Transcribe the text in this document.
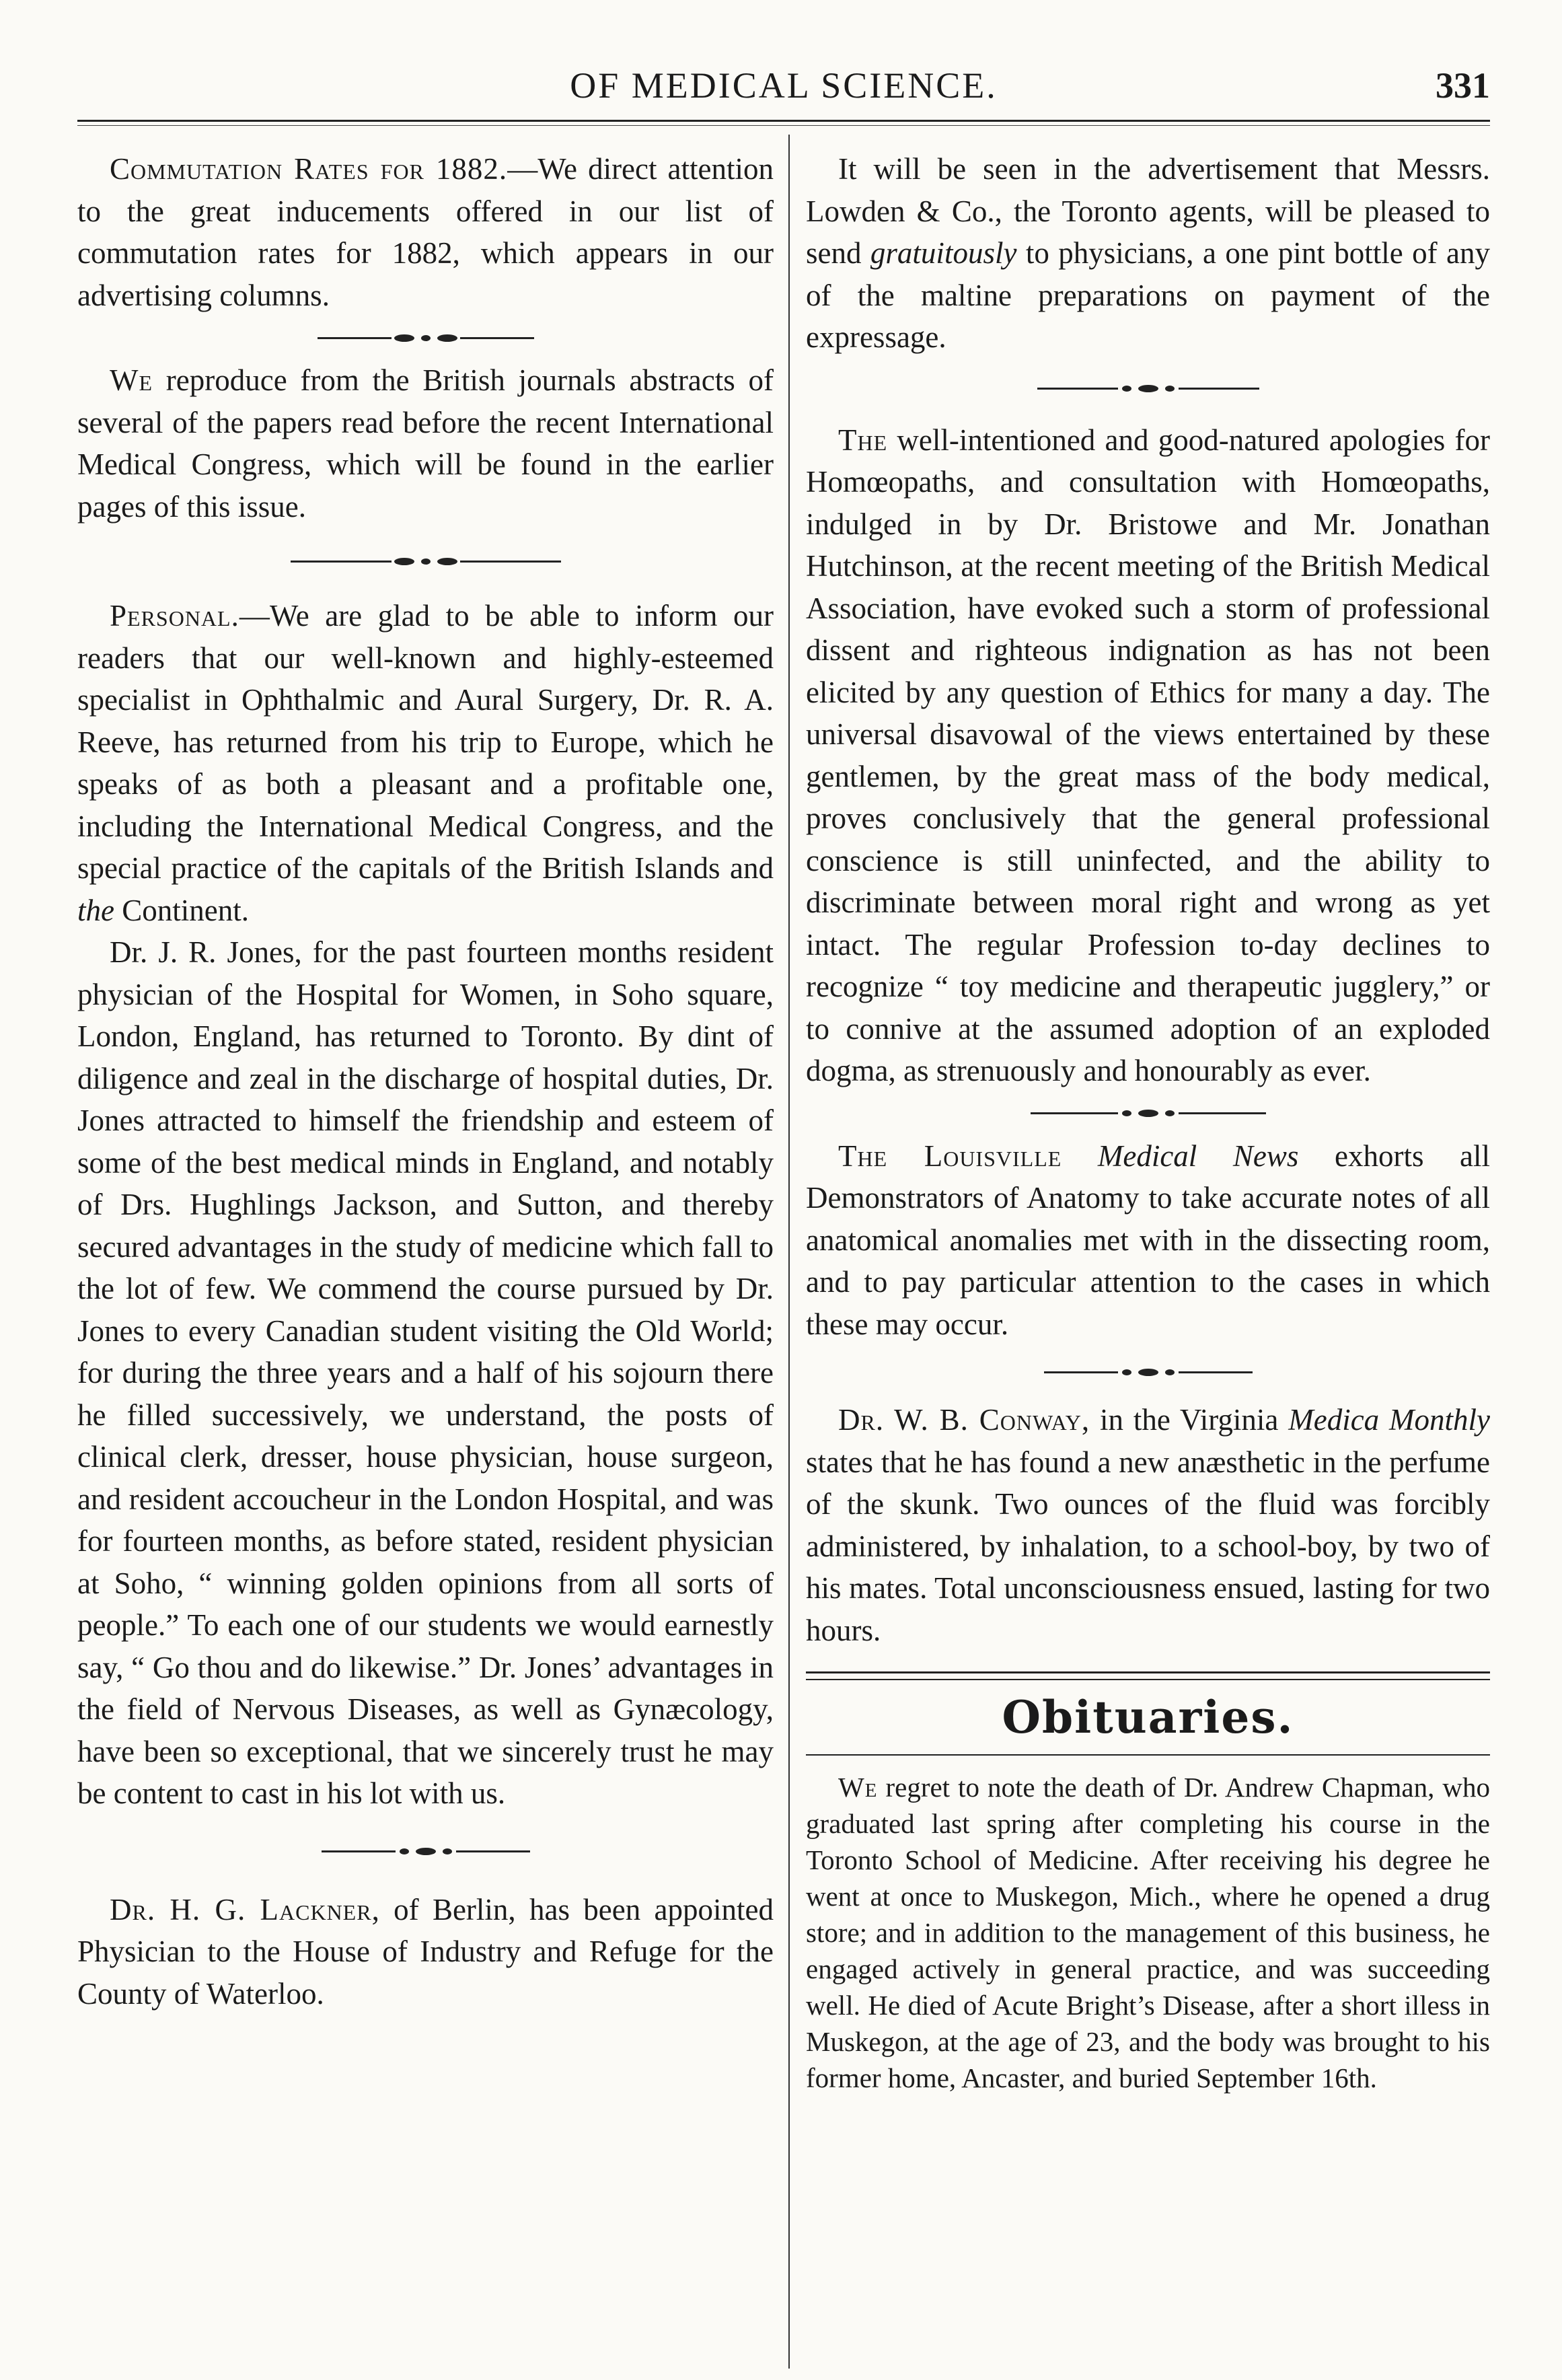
OF MEDICAL SCIENCE.	331

Commutation Rates for 1882.—We direct attention to the great inducements offered in our list of commutation rates for 1882, which appears in our advertising columns.

We reproduce from the British journals abstracts of several of the papers read before the recent International Medical Congress, which will be found in the earlier pages of this issue.

Personal.—We are glad to be able to inform our readers that our well-known and highly-esteemed specialist in Ophthalmic and Aural Surgery, Dr. R. A. Reeve, has returned from his trip to Europe, which he speaks of as both a pleasant and a profitable one, including the International Medical Congress, and the special practice of the capitals of the British Islands and the Continent.

Dr. J. R. Jones, for the past fourteen months resident physician of the Hospital for Women, in Soho square, London, England, has returned to Toronto. By dint of diligence and zeal in the discharge of hospital duties, Dr. Jones attracted to himself the friendship and esteem of some of the best medical minds in England, and notably of Drs. Hughlings Jackson, and Sutton, and thereby secured advantages in the study of medicine which fall to the lot of few. We commend the course pursued by Dr. Jones to every Canadian student visiting the Old World; for during the three years and a half of his sojourn there he filled successively, we understand, the posts of clinical clerk, dresser, house physician, house surgeon, and resident accoucheur in the London Hospital, and was for fourteen months, as before stated, resident physician at Soho, “ winning golden opinions from all sorts of people.” To each one of our students we would earnestly say, “ Go thou and do likewise.” Dr. Jones’ advantages in the field of Nervous Diseases, as well as Gynæcology, have been so exceptional, that we sincerely trust he may be content to cast in his lot with us.

Dr. H. G. Lackner, of Berlin, has been appointed Physician to the House of Industry and Refuge for the County of Waterloo.

It will be seen in the advertisement that Messrs. Lowden & Co., the Toronto agents, will be pleased to send gratuitously to physicians, a one pint bottle of any of the maltine preparations on payment of the expressage.

The well-intentioned and good-natured apologies for Homœopaths, and consultation with Homœopaths, indulged in by Dr. Bristowe and Mr. Jonathan Hutchinson, at the recent meeting of the British Medical Association, have evoked such a storm of professional dissent and righteous indignation as has not been elicited by any question of Ethics for many a day. The universal disavowal of the views entertained by these gentlemen, by the great mass of the body medical, proves conclusively that the general professional conscience is still uninfected, and the ability to discriminate between moral right and wrong as yet intact. The regular Profession to-day declines to recognize “ toy medicine and therapeutic jugglery,” or to connive at the assumed adoption of an exploded dogma, as strenuously and honourably as ever.

The Louisville Medical News exhorts all Demonstrators of Anatomy to take accurate notes of all anatomical anomalies met with in the dissecting room, and to pay particular attention to the cases in which these may occur.

Dr. W. B. Conway, in the Virginia Medica Monthly states that he has found a new anæsthetic in the perfume of the skunk. Two ounces of the fluid was forcibly administered, by inhalation, to a school-boy, by two of his mates. Total unconsciousness ensued, lasting for two hours.

Obituaries.

We regret to note the death of Dr. Andrew Chapman, who graduated last spring after completing his course in the Toronto School of Medicine. After receiving his degree he went at once to Muskegon, Mich., where he opened a drug store; and in addition to the management of this business, he engaged actively in general practice, and was succeeding well. He died of Acute Bright’s Disease, after a short illess in Muskegon, at the age of 23, and the body was brought to his former home, Ancaster, and buried September 16th.
